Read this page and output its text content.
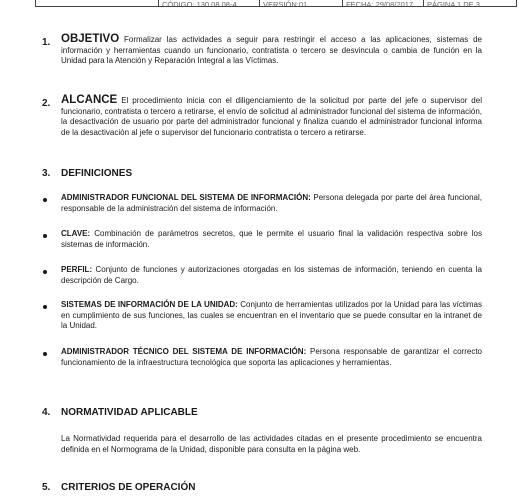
CÓDIGO: 130.08.08-4	VERSIÓN:01	FECHA: 29/08/2017	PÁGINA 1 DE 3
1. OBJETIVO Formalizar las actividades a seguir para restringir el acceso a las aplicaciones, sistemas de información y herramientas cuando un funcionario, contratista o tercero se desvincula o cambia de función en la Unidad para la Atención y Reparación Integral a las Víctimas.
2. ALCANCE El procedimiento inicia con el diligenciamiento de la solicitud por parte del jefe o supervisor del funcionario, contratista o tercero a retirarse, el envío de solicitud al administrador funcional del sistema de información, la desactivación de usuario por parte del administrador funcional y finaliza cuando el administrador funcional informa de la desactivación al jefe o supervisor del funcionario contratista o tercero a retirarse.
3. DEFINICIONES
ADMINISTRADOR FUNCIONAL DEL SISTEMA DE INFORMACIÓN: Persona delegada por parte del área funcional, responsable de la administración del sistema de información.
CLAVE: Combinación de parámetros secretos, que le permite el usuario final la validación respectiva sobre los sistemas de información.
PERFIL: Conjunto de funciones y autorizaciones otorgadas en los sistemas de información, teniendo en cuenta la descripción de Cargo.
SISTEMAS DE INFORMACIÓN DE LA UNIDAD: Conjunto de herramientas utilizados por la Unidad para las víctimas en cumplimiento de sus funciones, las cuales se encuentran en el inventario que se puede consultar en la intranet de la Unidad.
ADMINISTRADOR TÉCNICO DEL SISTEMA DE INFORMACIÓN: Persona responsable de garantizar el correcto funcionamiento de la infraestructura tecnológica que soporta las aplicaciones y herramientas.
4. NORMATIVIDAD APLICABLE
La Normatividad requerida para el desarrollo de las actividades citadas en el presente procedimiento se encuentra definida en el Normograma de la Unidad, disponible para consulta en la página web.
5. CRITERIOS DE OPERACIÓN
